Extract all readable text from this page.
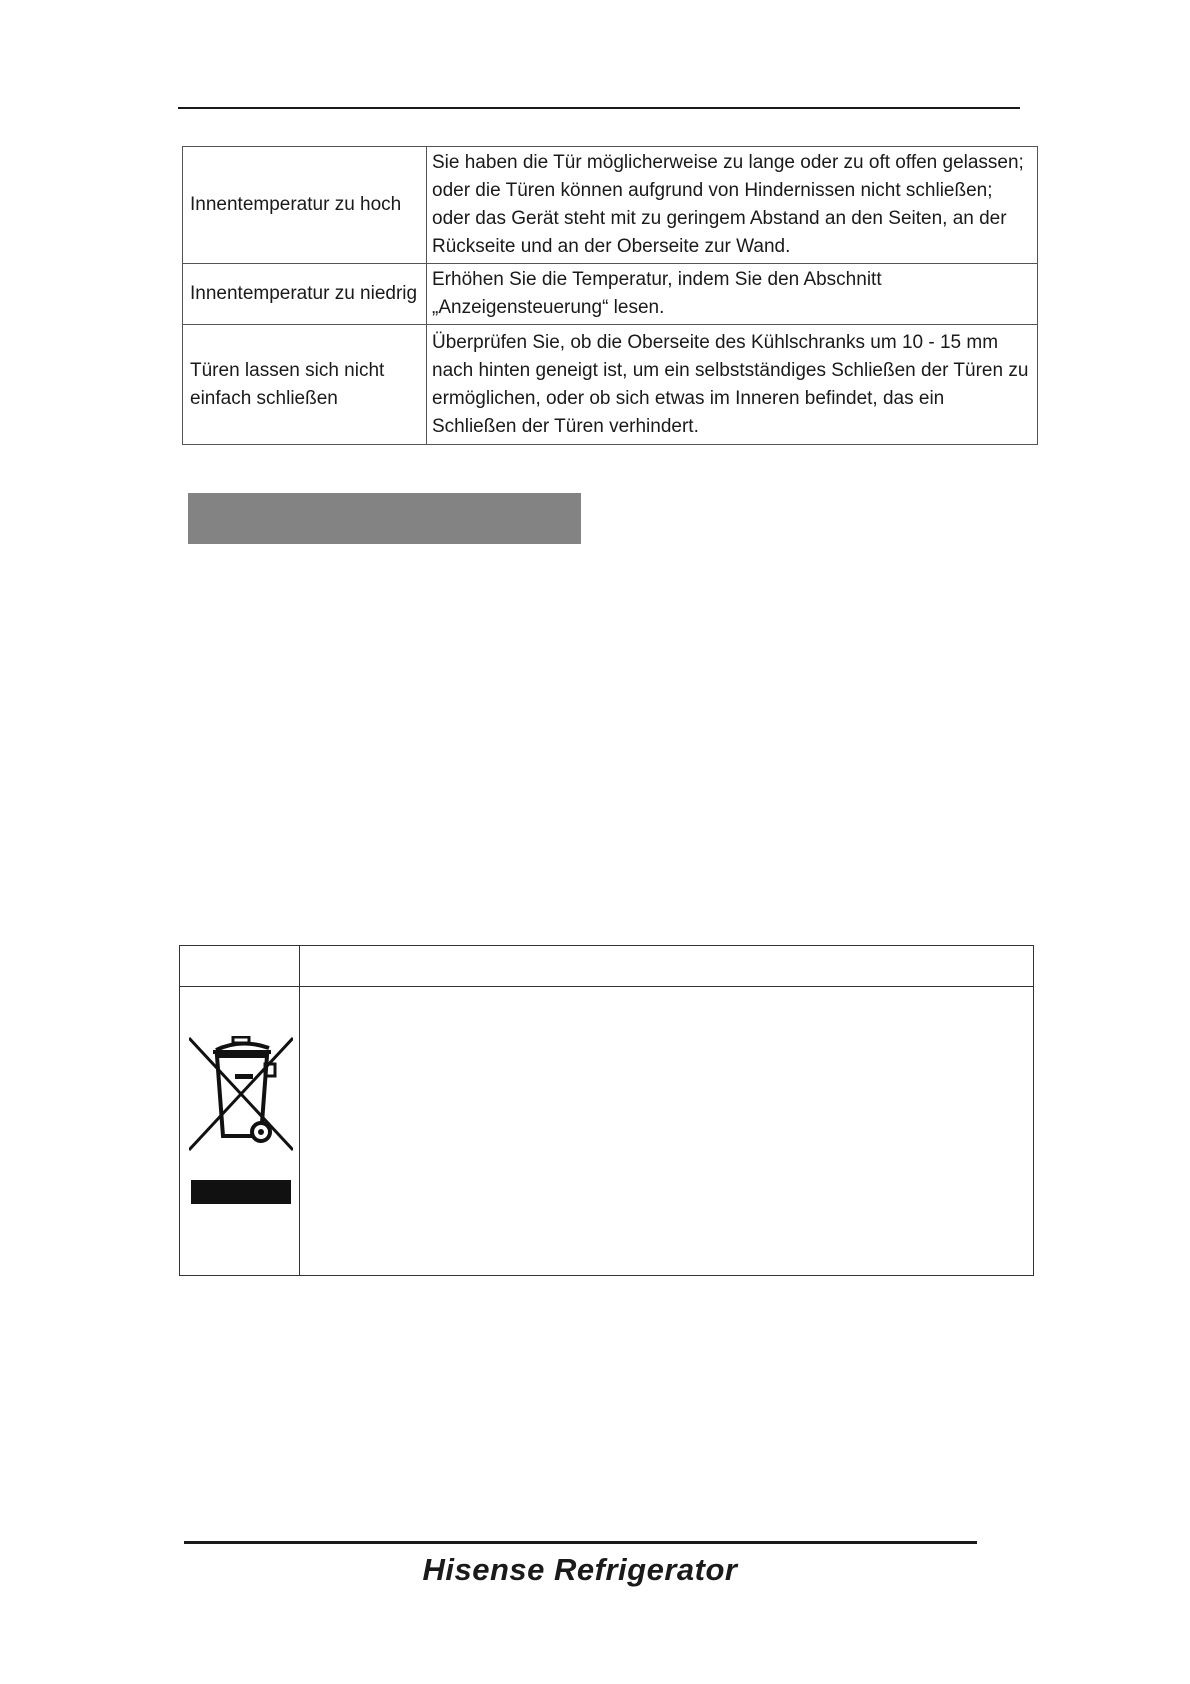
Innentemperatur zu hoch	Sie haben die Tür möglicherweise zu lange oder zu oft offen gelassen; oder die Türen können aufgrund von Hindernissen nicht schließen; oder das Gerät steht mit zu geringem Abstand an den Seiten, an der Rückseite und an der Oberseite zur Wand.
Innentemperatur zu niedrig	Erhöhen Sie die Temperatur, indem Sie den Abschnitt „Anzeigensteuerung“ lesen.
Türen lassen sich nicht einfach schließen	Überprüfen Sie, ob die Oberseite des Kühlschranks um 10 - 15 mm nach hinten geneigt ist, um ein selbstständiges Schließen der Türen zu ermöglichen, oder ob sich etwas im Inneren befindet, das ein Schließen der Türen verhindert.

Hisense Refrigerator
